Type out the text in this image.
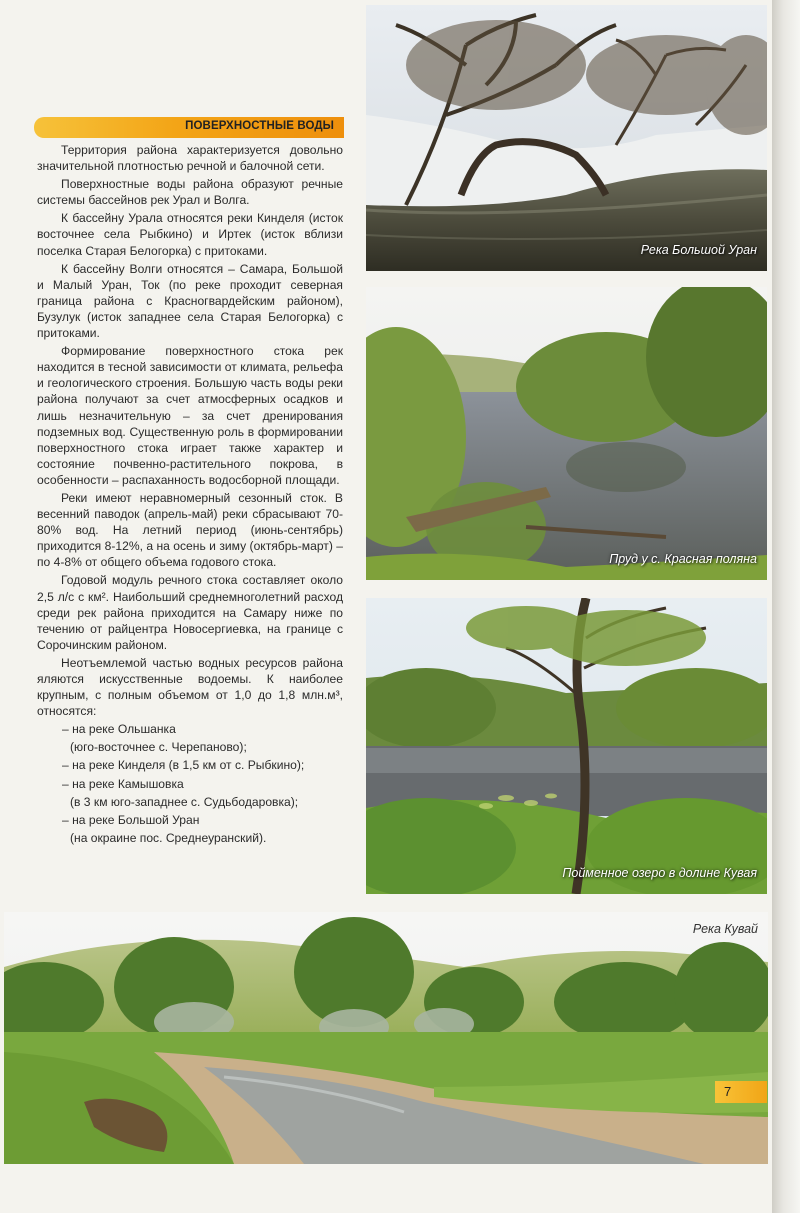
Река Большой Уран
Пруд у с. Красная поляна
Пойменное озеро в долине Кувая
Река Кувай
ПОВЕРХНОСТНЫЕ ВОДЫ

Территория района характеризуется довольно значительной плотностью речной и балочной сети.

Поверхностные воды района образуют речные системы бассейнов рек Урал и Волга.

К бассейну Урала относятся реки Кинделя (исток восточнее села Рыбкино) и Иртек (исток вблизи поселка Старая Белогорка) с притоками.

К бассейну Волги относятся – Самара, Большой и Малый Уран, Ток (по реке проходит северная граница района с Красногвардейским районом), Бузулук (исток западнее села Старая Белогорка) с притоками.

Формирование поверхностного стока рек находится в тесной зависимости от климата, рельефа и геологического строения. Большую часть воды реки района получают за счет атмосферных осадков и лишь незначительную – за счет дренирования подземных вод. Существенную роль в формировании поверхностного стока играет также характер и состояние почвенно-растительного покрова, в особенности – распаханность водосборной площади.

Реки имеют неравномерный сезонный сток. В весенний паводок (апрель-май) реки сбрасывают 70-80% вод. На летний период (июнь-сентябрь) приходится 8-12%, а на осень и зиму (октябрь-март) – по 4-8% от общего объема годового стока.

Годовой модуль речного стока составляет около 2,5 л/с с км². Наибольший среднемноголетний расход среди рек района приходится на Самару ниже по течению от райцентра Новосергиевка, на границе с Сорочинским районом.

Неотъемлемой частью водных ресурсов района яляются искусственные водоемы. К наиболее крупным, с полным объемом от 1,0 до 1,8 млн.м³, относятся:

– на реке Ольшанка

(юго-восточнее с. Черепаново);

– на реке Кинделя (в 1,5 км от с. Рыбкино);

– на реке Камышовка

(в 3 км юго-западнее с. Судьбодаровка);

– на реке Большой Уран

(на окраине пос. Среднеуранский).

7
